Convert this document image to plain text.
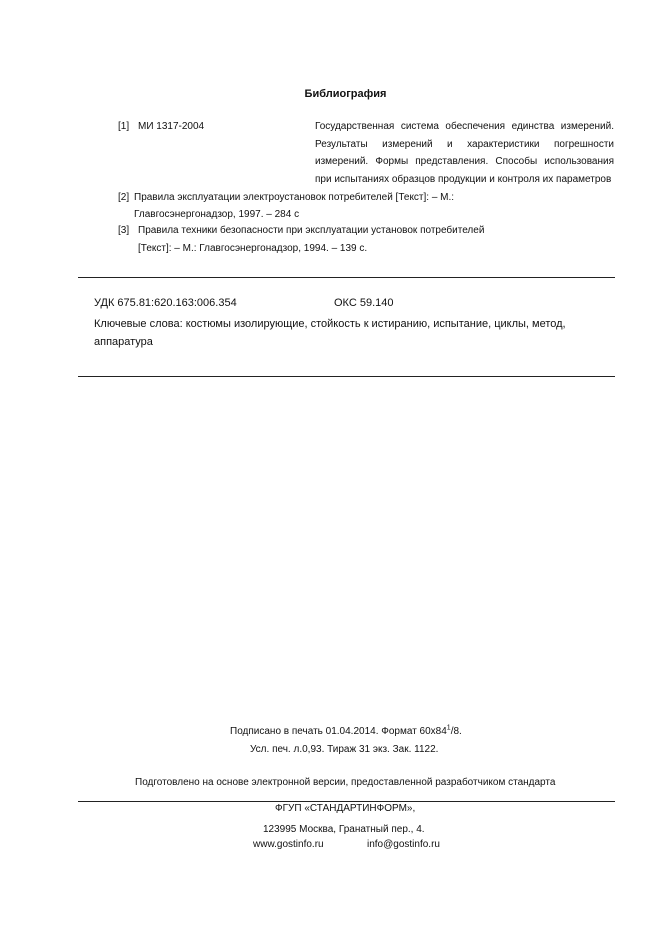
Библиография
[1] МИ 1317-2004	Государственная система обеспечения единства измерений.
Результаты измерений и характеристики погрешности
измерений. Формы представления. Способы использования
при испытаниях образцов продукции и контроля их параметров
[2] Правила эксплуатации электроустановок потребителей [Текст]: – М.:
Главгосэнергонадзор, 1997. – 284 с
[3] Правила техники безопасности при эксплуатации установок потребителей
[Текст]: – М.: Главгосэнергонадзор, 1994. – 139 с.
УДК 675.81:620.163:006.354	ОКС 59.140
Ключевые слова: костюмы изолирующие, стойкость к истиранию, испытание, циклы, метод,
аппаратура
Подписано в печать 01.04.2014. Формат $60x84^1/8$.
Усл. печ. л.0,93. Тираж 31 экз. Зак. 1122.
Подготовлено на основе электронной версии, предоставленной разработчиком стандарта
ФГУП «СТАНДАРТИНФОРМ»,
123995 Москва, Гранатный пер., 4.
www.gostinfo.ru	info@gostinfo.ru
